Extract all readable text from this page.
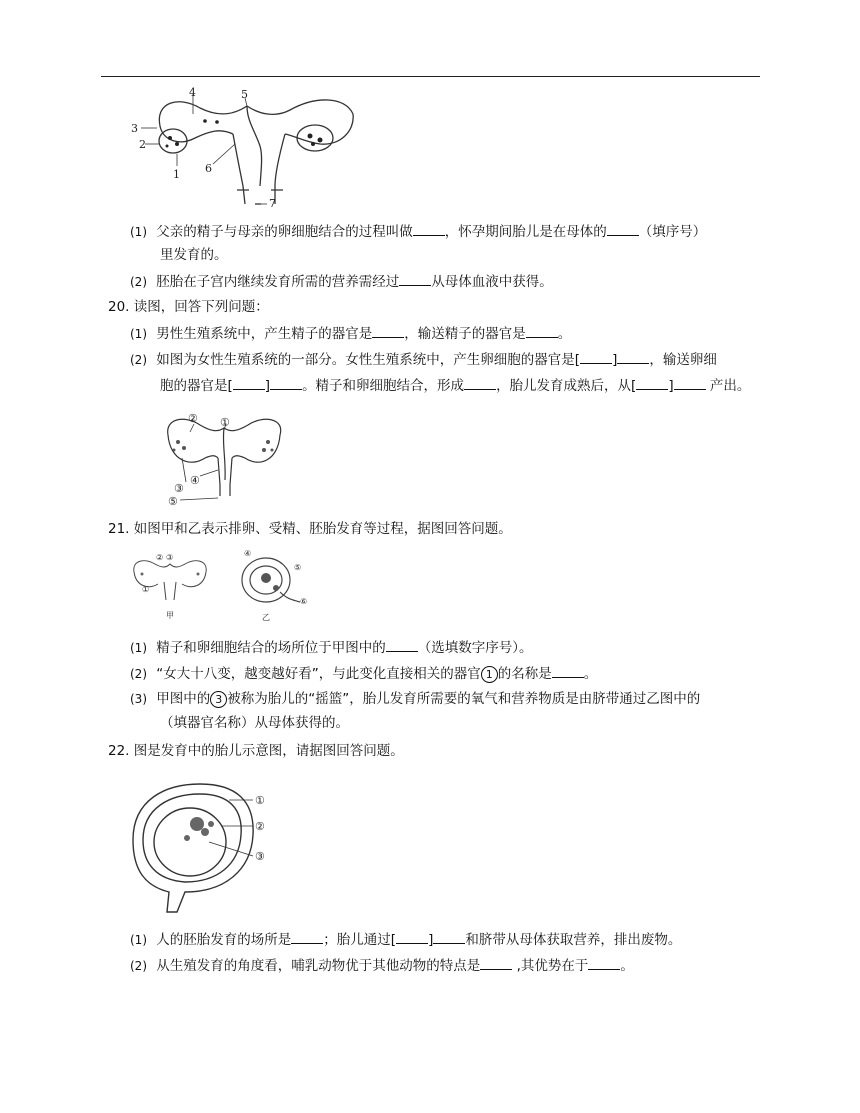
1
2
3
4	5
6
7
(1) 父亲的精子与母亲的卵细胞结合的过程叫做 ，怀孕期间胎儿是在母体的 （填序号）
里发育的。
(2) 胚胎在子宫内继续发育所需的营养需经过 从母体血液中获得。
20. 读图，回答下列问题：
(1) 男性生殖系统中，产生精子的器官是 ，输送精子的器官是 。
(2) 如图为女性生殖系统的一部分。女性生殖系统中，产生卵细胞的器官是[ ] ，输送卵细
胞的器官是[ ] 。精子和卵细胞结合，形成 ，胎儿发育成熟后，从[ ] 产出。
①
②
③
④
⑤
21. 如图甲和乙表示排卵、受精、胚胎发育等过程，据图回答问题。
② ③
①
甲
④
⑤
⑥
乙
(1) 精子和卵细胞结合的场所位于甲图中的 （选填数字序号）。
(2) “女大十八变，越变越好看”，与此变化直接相关的器官 1 的名称是 。
(3) 甲图中的 3 被称为胎儿的“摇篮”，胎儿发育所需要的氧气和营养物质是由脐带通过乙图中的
（填器官名称）从母体获得的。
22. 图是发育中的胎儿示意图，请据图回答问题。
①
②
③
(1) 人的胚胎发育的场所是 ；胎儿通过[ ] 和脐带从母体获取营养，排出废物。
(2) 从生殖发育的角度看，哺乳动物优于其他动物的特点是 ,其优势在于 。
